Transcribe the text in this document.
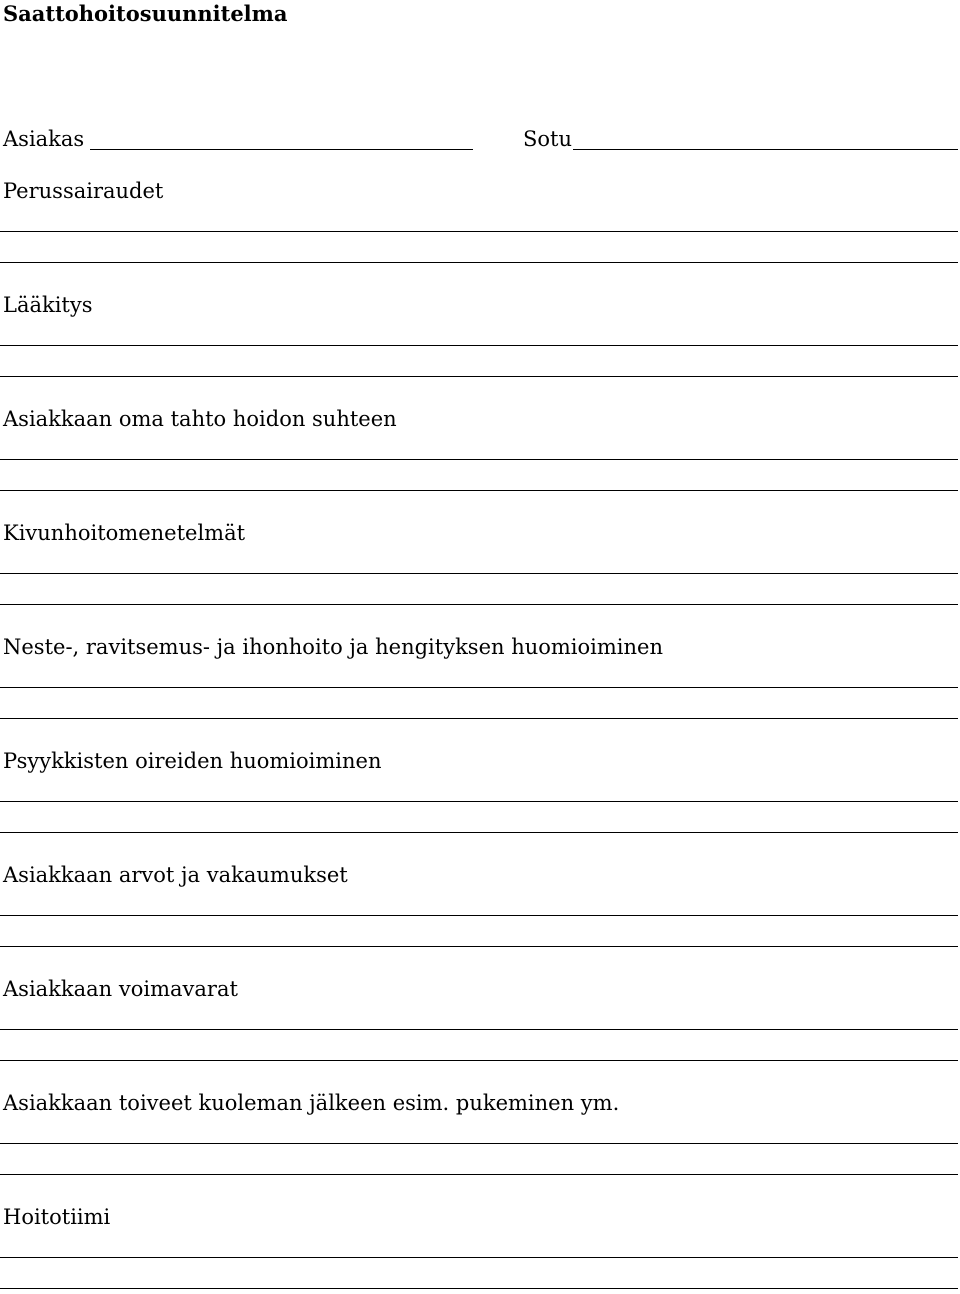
Saattohoitosuunnitelma
Asiakas	Sotu
Perussairaudet
Lääkitys
Asiakkaan oma tahto hoidon suhteen
Kivunhoitomenetelmät
Neste-, ravitsemus- ja ihonhoito ja hengityksen huomioiminen
Psyykkisten oireiden huomioiminen
Asiakkaan arvot ja vakaumukset
Asiakkaan voimavarat
Asiakkaan toiveet kuoleman jälkeen esim. pukeminen ym.
Hoitotiimi
